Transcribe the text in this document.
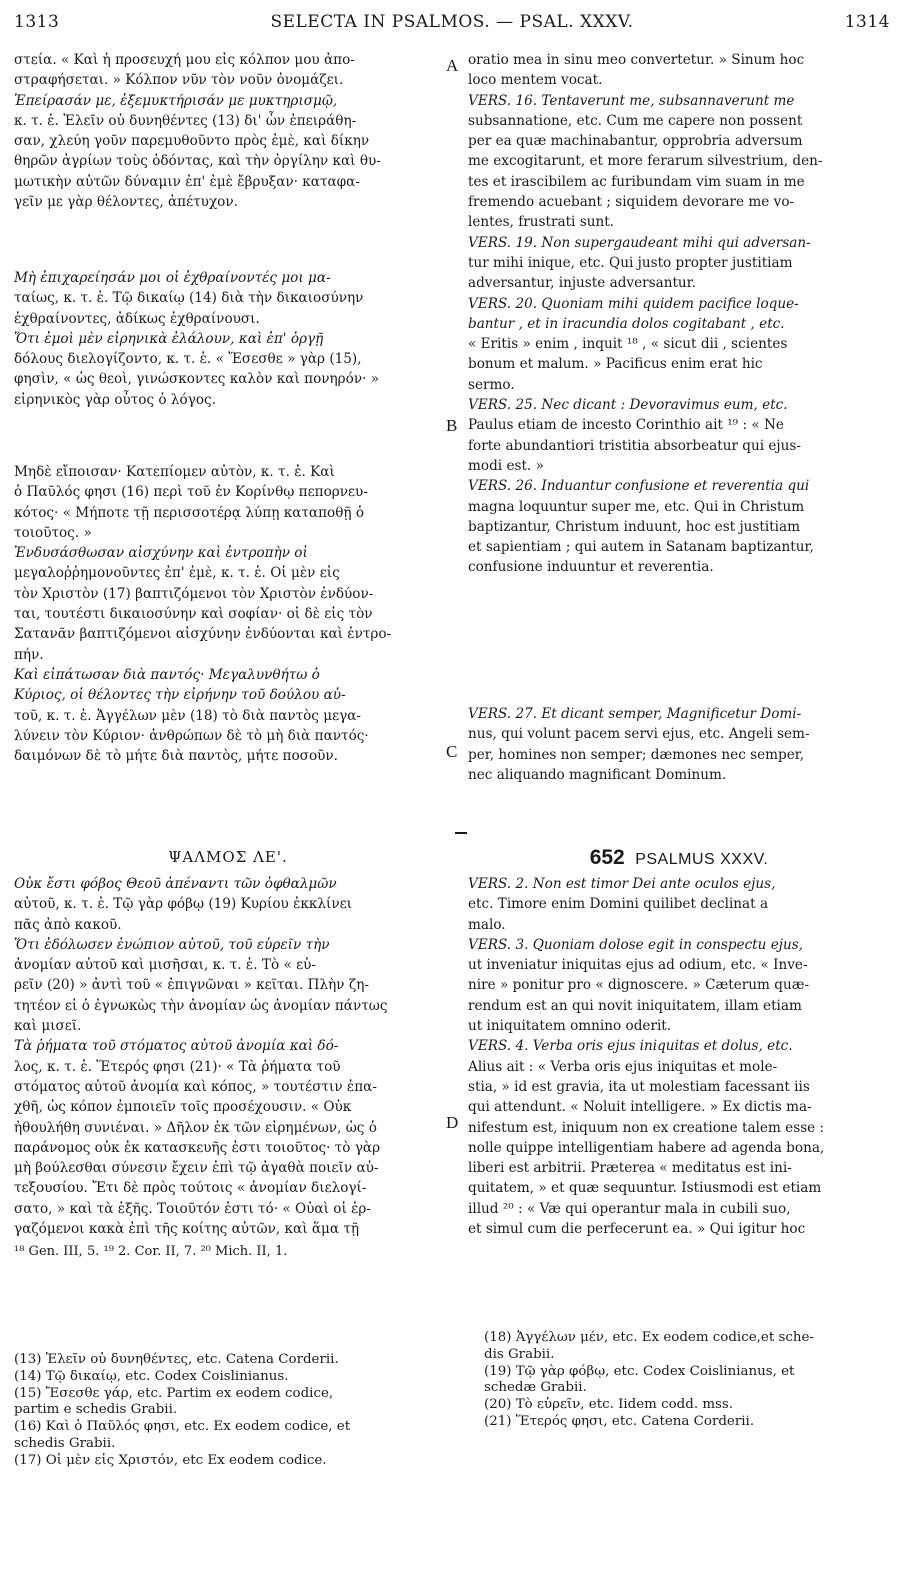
1313	SELECTA IN PSALMOS. — PSAL. XXXV.	1314
A
B
C
D
στεία. « Καὶ ἡ προσευχή μου εἰς κόλπον μου ἀπο-
στραφήσεται. » Κόλπον νῦν τὸν νοῦν ὀνομάζει.
Ἐπείρασάν με, ἐξεμυκτήρισάν με μυκτηρισμῷ,
κ. τ. ἑ. Ἐλεῖν οὐ δυνηθέντες (13) δι' ὧν ἐπειράθη-
σαν, χλεύη γοῦν παρεμυθοῦντο πρὸς ἐμὲ, καὶ δίκην
θηρῶν ἀγρίων τοὺς ὀδόντας, καὶ τὴν ὀργίλην καὶ θυ-
μωτικὴν αὐτῶν δύναμιν ἐπ' ἐμὲ ἔβρυξαν· καταφα-
γεῖν με γὰρ θέλοντες, ἀπέτυχον.
Μὴ ἐπιχαρείησάν μοι οἱ ἐχθραίνοντές μοι μα-
ταίως, κ. τ. ἑ. Τῷ δικαίῳ (14) διὰ τὴν δικαιοσύνην
ἐχθραίνοντες, ἀδίκως ἐχθραίνουσι.
Ὅτι ἐμοὶ μὲν εἰρηνικὰ ἐλάλουν, καὶ ἐπ' ὀργῇ
δόλους διελογίζοντο, κ. τ. ἑ. « Ἔσεσθε » γὰρ (15),
φησὶν, « ὡς θεοὶ, γινώσκοντες καλὸν καὶ πονηρόν· »
εἰρηνικὸς γὰρ οὗτος ὁ λόγος.
Μηδὲ εἴποισαν· Κατεπίομεν αὐτὸν, κ. τ. ἑ. Καὶ
ὁ Παῦλός φησι (16) περὶ τοῦ ἐν Κορίνθῳ πεπορνευ-
κότος· « Μήποτε τῇ περισσοτέρᾳ λύπῃ καταποθῇ ὁ
τοιοῦτος. »
Ἐνδυσάσθωσαν αἰσχύνην καὶ ἐντροπὴν οἱ
μεγαλοῤῥημονοῦντες ἐπ' ἐμὲ, κ. τ. ἑ. Οἱ μὲν εἰς
τὸν Χριστὸν (17) βαπτιζόμενοι τὸν Χριστὸν ἐνδύον-
ται, τουτέστι δικαιοσύνην καὶ σοφίαν· οἱ δὲ εἰς τὸν
Σατανᾶν βαπτιζόμενοι αἰσχύνην ἐνδύονται καὶ ἐντρο-
πήν.
Καὶ εἰπάτωσαν διὰ παντός· Μεγαλυνθήτω ὁ
Κύριος, οἱ θέλοντες τὴν εἰρήνην τοῦ δούλου αὐ-
τοῦ, κ. τ. ἑ. Ἀγγέλων μὲν (18) τὸ διὰ παντὸς μεγα-
λύνειν τὸν Κύριον· ἀνθρώπων δὲ τὸ μὴ διὰ παντός·
δαιμόνων δὲ τὸ μήτε διὰ παντὸς, μήτε ποσοῦν.
ΨΑΛΜΟΣ ΛΕ'.
Οὐκ ἔστι φόβος Θεοῦ ἀπέναντι τῶν ὀφθαλμῶν
αὐτοῦ, κ. τ. ἑ. Τῷ γὰρ φόβῳ (19) Κυρίου ἐκκλίνει
πᾶς ἀπὸ κακοῦ.
Ὅτι ἐδόλωσεν ἐνώπιον αὐτοῦ, τοῦ εὑρεῖν τὴν
ἀνομίαν αὐτοῦ καὶ μισῆσαι, κ. τ. ἑ. Τὸ « εὑ-
ρεῖν (20) » ἀντὶ τοῦ « ἐπιγνῶναι » κεῖται. Πλὴν ζη-
τητέον εἰ ὁ ἐγνωκὼς τὴν ἀνομίαν ὡς ἀνομίαν πάντως
καὶ μισεῖ.
Τὰ ῥήματα τοῦ στόματος αὐτοῦ ἀνομία καὶ δό-
λος, κ. τ. ἑ. Ἕτερός φησι (21)· « Τὰ ῥήματα τοῦ
στόματος αὐτοῦ ἀνομία καὶ κόπος, » τουτέστιν ἐπα-
χθῆ, ὡς κόπον ἐμποιεῖν τοῖς προσέχουσιν. « Οὐκ
ἠθουλήθη συνιέναι. » Δῆλον ἐκ τῶν εἰρημένων, ὡς ὁ
παράνομος οὐκ ἐκ κατασκευῆς ἐστι τοιοῦτος· τὸ γὰρ
μὴ βούλεσθαι σύνεσιν ἔχειν ἐπὶ τῷ ἀγαθὰ ποιεῖν αὐ-
τεξουσίου. Ἔτι δὲ πρὸς τούτοις « ἀνομίαν διελογί-
σατο, » καὶ τὰ ἑξῆς. Τοιοῦτόν ἐστι τό· « Οὐαὶ οἱ ἐρ-
γαζόμενοι κακὰ ἐπὶ τῆς κοίτης αὐτῶν, καὶ ἅμα τῇ
¹⁸ Gen. III, 5. ¹⁹ 2. Cor. II, 7. ²⁰ Mich. II, 1.
(13) Ἐλεῖν οὐ δυνηθέντες, etc. Catena Corderii.
(14) Τῷ δικαίῳ, etc. Codex Coislinianus.
(15) Ἔσεσθε γάρ, etc. Partim ex eodem codice,
partim e schedis Grabii.
(16) Καὶ ὁ Παῦλός φησι, etc. Ex eodem codice, et
schedis Grabii.
(17) Οἱ μὲν εἰς Χριστόν, etc Ex eodem codice.
oratio mea in sinu meo convertetur. » Sinum hoc
loco mentem vocat.
VERS. 16. Tentaverunt me, subsannaverunt me
subsannatione, etc. Cum me capere non possent
per ea quæ machinabantur, opprobria adversum
me excogitarunt, et more ferarum silvestrium, den-
tes et irascibilem ac furibundam vim suam in me
fremendo acuebant ; siquidem devorare me vo-
lentes, frustrati sunt.
VERS. 19. Non supergaudeant mihi qui adversan-
tur mihi inique, etc. Qui justo propter justitiam
adversantur, injuste adversantur.
VERS. 20. Quoniam mihi quidem pacifice loque-
bantur , et in iracundia dolos cogitabant , etc.
« Eritis » enim , inquit ¹⁸ , « sicut dii , scientes
bonum et malum. » Pacificus enim erat hic
sermo.
VERS. 25. Nec dicant : Devoravimus eum, etc.
Paulus etiam de incesto Corinthio ait ¹⁹ : « Ne
forte abundantiori tristitia absorbeatur qui ejus-
modi est. »
VERS. 26. Induantur confusione et reverentia qui
magna loquuntur super me, etc. Qui in Christum
baptizantur, Christum induunt, hoc est justitiam
et sapientiam ; qui autem in Satanam baptizantur,
confusione induuntur et reverentia.
VERS. 27. Et dicant semper, Magnificetur Domi-
nus, qui volunt pacem servi ejus, etc. Angeli sem-
per, homines non semper; dæmones nec semper,
nec aliquando magnificant Dominum.
652 PSALMUS XXXV.
VERS. 2. Non est timor Dei ante oculos ejus,
etc. Timore enim Domini quilibet declinat a
malo.
VERS. 3. Quoniam dolose egit in conspectu ejus,
ut inveniatur iniquitas ejus ad odium, etc. « Inve-
nire » ponitur pro « dignoscere. » Cæterum quæ-
rendum est an qui novit iniquitatem, illam etiam
ut iniquitatem omnino oderit.
VERS. 4. Verba oris ejus iniquitas et dolus, etc.
Alius ait : « Verba oris ejus iniquitas et mole-
stia, » id est gravia, ita ut molestiam facessant iis
qui attendunt. « Noluit intelligere. » Ex dictis ma-
nifestum est, iniquum non ex creatione talem esse :
nolle quippe intelligentiam habere ad agenda bona,
liberi est arbitrii. Præterea « meditatus est ini-
quitatem, » et quæ sequuntur. Istiusmodi est etiam
illud ²⁰ : « Væ qui operantur mala in cubili suo,
et simul cum die perfecerunt ea. » Qui igitur hoc
(18) Ἀγγέλων μέν, etc. Ex eodem codice,et sche-
dis Grabii.
(19) Τῷ γὰρ φόβῳ, etc. Codex Coislinianus, et
schedæ Grabii.
(20) Τὸ εὑρεῖν, etc. Iidem codd. mss.
(21) Ἕτερός φησι, etc. Catena Corderii.
